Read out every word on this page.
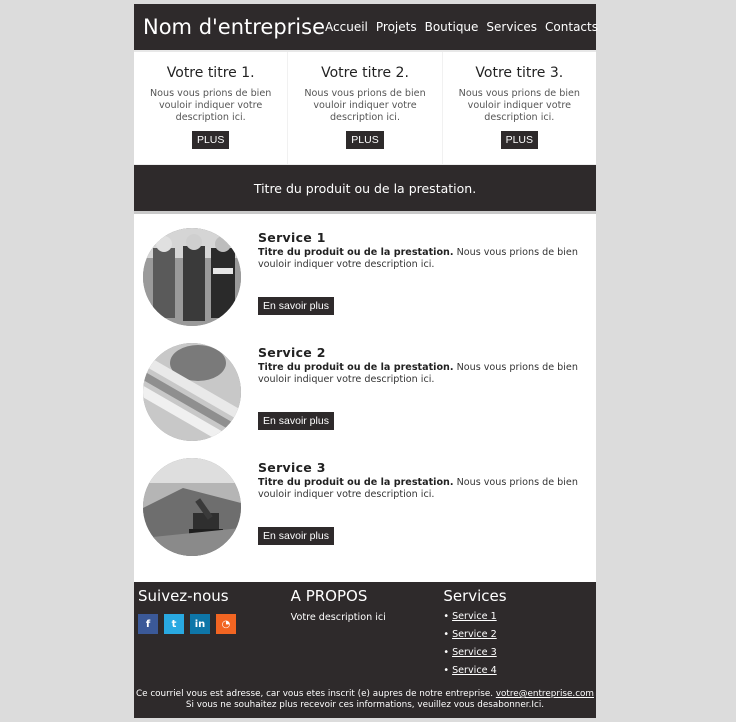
Nom d'entreprise Accueil Projets Boutique Services Contacts
Votre titre 1.

Nous vous prions de bien vouloir indiquer votre description ici.

PLUS
Votre titre 2.

Nous vous prions de bien vouloir indiquer votre description ici.

PLUS
Votre titre 3.

Nous vous prions de bien vouloir indiquer votre description ici.

PLUS
Titre du produit ou de la prestation.
Service 1

Titre du produit ou de la prestation. Nous vous prions de bien vouloir indiquer votre description ici.

En savoir plus
Service 2

Titre du produit ou de la prestation. Nous vous prions de bien vouloir indiquer votre description ici.

En savoir plus
Service 3

Titre du produit ou de la prestation. Nous vous prions de bien vouloir indiquer votre description ici.

En savoir plus
Suivez-nous
f	t	in	◔
A PROPOS
Votre description ici
Services
• Service 1
• Service 2
• Service 3
• Service 4
Ce courriel vous est adresse, car vous etes inscrit (e) aupres de notre entreprise. votre@entreprise.com
Si vous ne souhaitez plus recevoir ces informations, veuillez vous desabonner.Ici.
